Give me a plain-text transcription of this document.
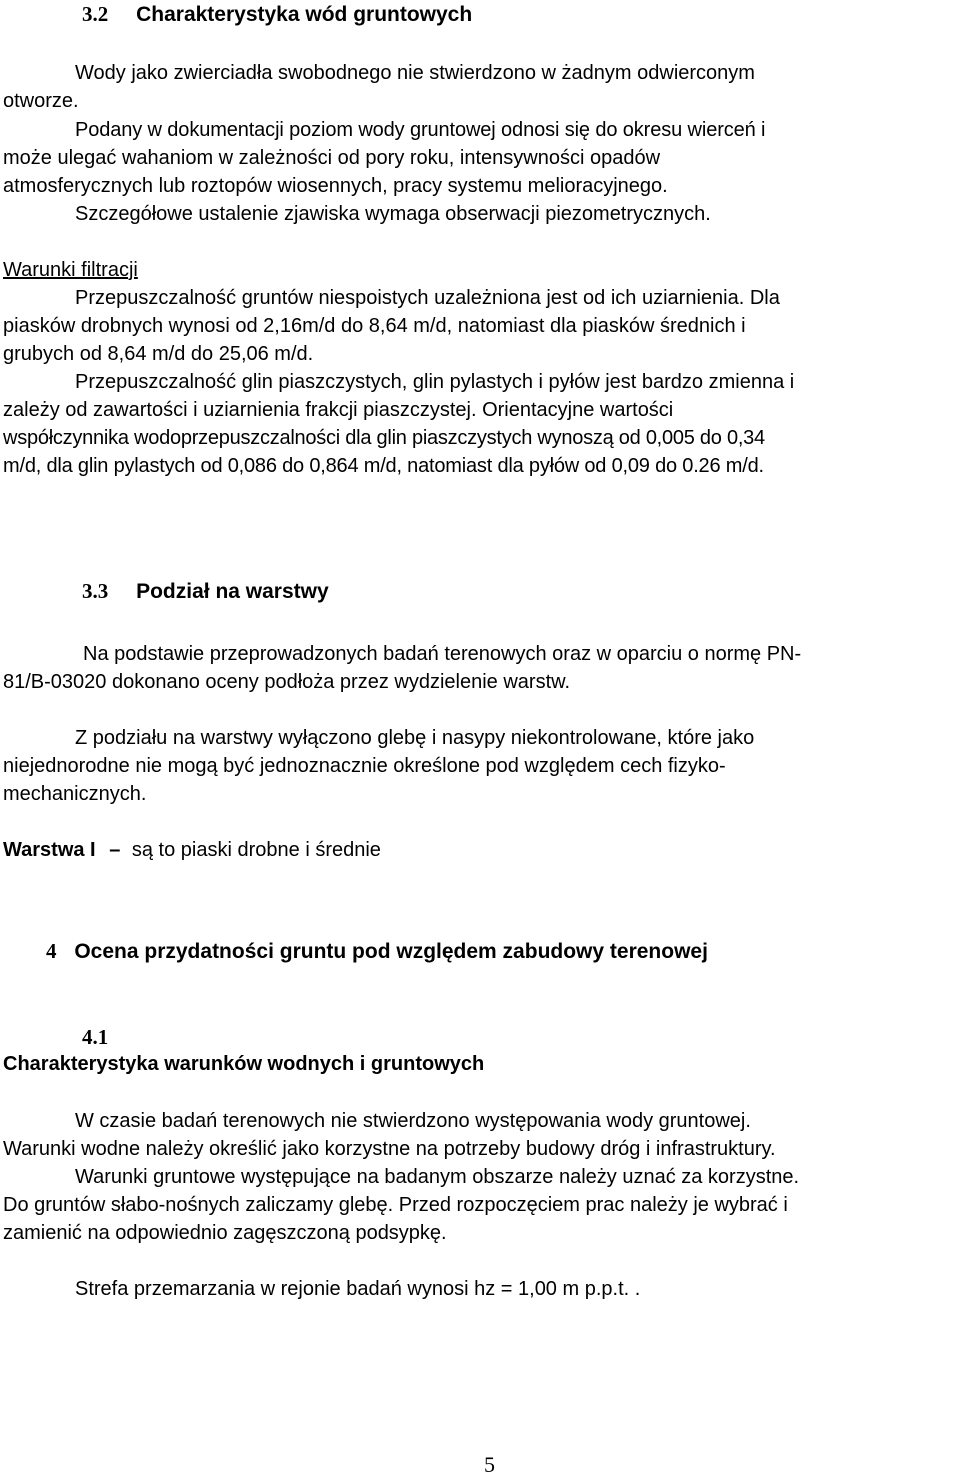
3.2 Charakterystyka wód gruntowych
Wody jako zwierciadła swobodnego nie stwierdzono w żadnym odwierconym
otworze.
Podany w dokumentacji poziom wody gruntowej odnosi się do okresu wierceń i
może ulegać wahaniom w zależności od pory roku, intensywności opadów
atmosferycznych lub roztopów wiosennych, pracy systemu melioracyjnego.
Szczegółowe ustalenie zjawiska wymaga obserwacji piezometrycznych.
Warunki filtracji
Przepuszczalność gruntów niespoistych uzależniona jest od ich uziarnienia. Dla
piasków drobnych wynosi od 2,16m/d do 8,64 m/d, natomiast dla piasków średnich i
grubych od 8,64 m/d do 25,06 m/d.
Przepuszczalność glin piaszczystych, glin pylastych i pyłów jest bardzo zmienna i
zależy od zawartości i uziarnienia frakcji piaszczystej. Orientacyjne wartości
współczynnika wodoprzepuszczalności dla glin piaszczystych wynoszą od 0,005 do 0,34
m/d, dla glin pylastych od 0,086 do 0,864 m/d, natomiast dla pyłów od 0,09 do 0.26 m/d.
3.3 Podział na warstwy
Na podstawie przeprowadzonych badań terenowych oraz w oparciu o normę PN-
81/B-03020 dokonano oceny podłoża przez wydzielenie warstw.
Z podziału na warstwy wyłączono glebę i nasypy niekontrolowane, które jako
niejednorodne nie mogą być jednoznacznie określone pod względem cech fizyko-
mechanicznych.
Warstwa I – są to piaski drobne i średnie
4 Ocena przydatności gruntu pod względem zabudowy terenowej
4.1
Charakterystyka warunków wodnych i gruntowych
W czasie badań terenowych nie stwierdzono występowania wody gruntowej.
Warunki wodne należy określić jako korzystne na potrzeby budowy dróg i infrastruktury.
Warunki gruntowe występujące na badanym obszarze należy uznać za korzystne.
Do gruntów słabo-nośnych zaliczamy glebę. Przed rozpoczęciem prac należy je wybrać i
zamienić na odpowiednio zagęszczoną podsypkę.
Strefa przemarzania w rejonie badań wynosi hz = 1,00 m p.p.t. .
5
